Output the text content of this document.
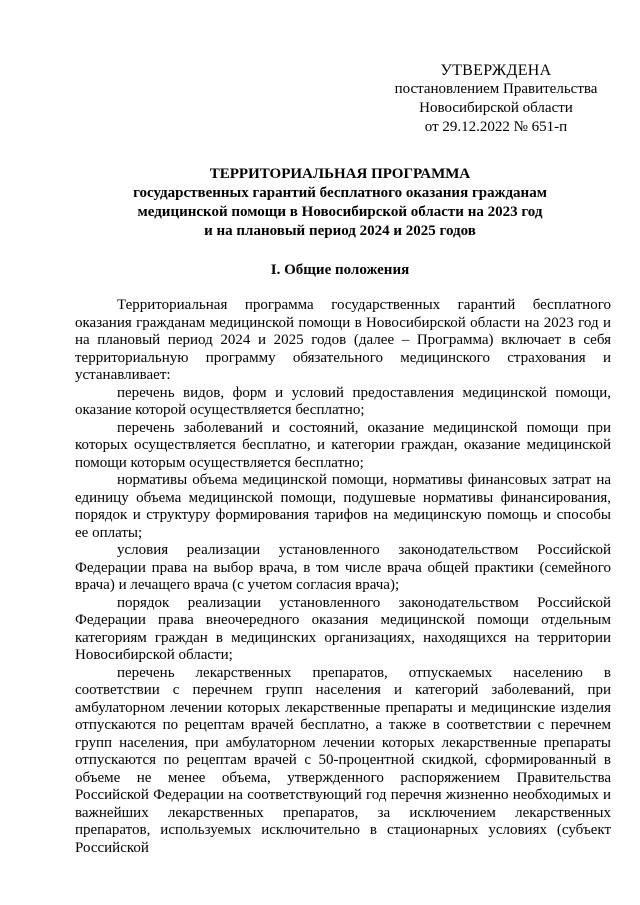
УТВЕРЖДЕНА
постановлением Правительства
Новосибирской области
от 29.12.2022 № 651-п
ТЕРРИТОРИАЛЬНАЯ ПРОГРАММА
государственных гарантий бесплатного оказания гражданам
медицинской помощи в Новосибирской области на 2023 год
и на плановый период 2024 и 2025 годов
I. Общие положения

Территориальная программа государственных гарантий бесплатного оказания гражданам медицинской помощи в Новосибирской области на 2023 год и на плановый период 2024 и 2025 годов (далее – Программа) включает в себя территориальную программу обязательного медицинского страхования и устанавливает:

перечень видов, форм и условий предоставления медицинской помощи, оказание которой осуществляется бесплатно;

перечень заболеваний и состояний, оказание медицинской помощи при которых осуществляется бесплатно, и категории граждан, оказание медицинской помощи которым осуществляется бесплатно;

нормативы объема медицинской помощи, нормативы финансовых затрат на единицу объема медицинской помощи, подушевые нормативы финансирования, порядок и структуру формирования тарифов на медицинскую помощь и способы ее оплаты;

условия реализации установленного законодательством Российской Федерации права на выбор врача, в том числе врача общей практики (семейного врача) и лечащего врача (с учетом согласия врача);

порядок реализации установленного законодательством Российской Федерации права внеочередного оказания медицинской помощи отдельным категориям граждан в медицинских организациях, находящихся на территории Новосибирской области;

перечень лекарственных препаратов, отпускаемых населению в соответствии с перечнем групп населения и категорий заболеваний, при амбулаторном лечении которых лекарственные препараты и медицинские изделия отпускаются по рецептам врачей бесплатно, а также в соответствии с перечнем групп населения, при амбулаторном лечении которых лекарственные препараты отпускаются по рецептам врачей с 50-процентной скидкой, сформированный в объеме не менее объема, утвержденного распоряжением Правительства Российской Федерации на соответствующий год перечня жизненно необходимых и важнейших лекарственных препаратов, за исключением лекарственных препаратов, используемых исключительно в стационарных условиях (субъект Российской
